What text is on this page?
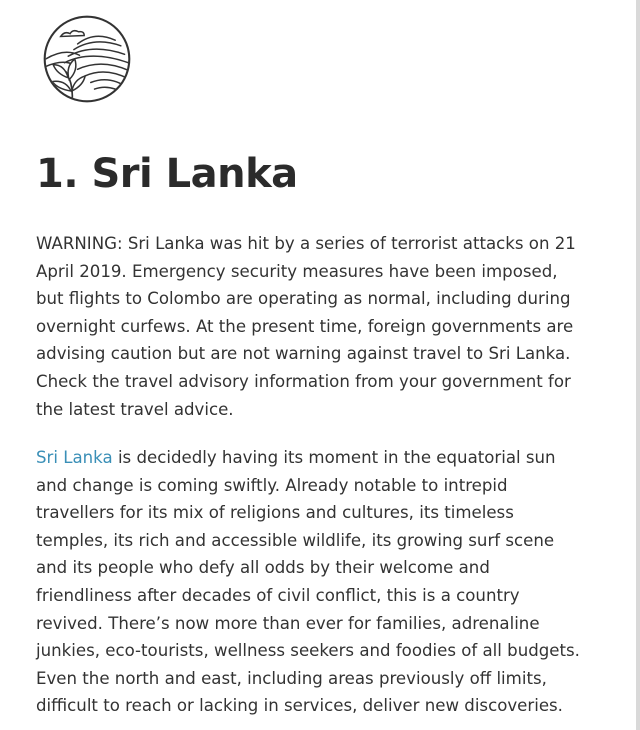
1. Sri Lanka

WARNING: Sri Lanka was hit by a series of terrorist attacks on 21
April 2019. Emergency security measures have been imposed,
but flights to Colombo are operating as normal, including during
overnight curfews. At the present time, foreign governments are
advising caution but are not warning against travel to Sri Lanka.
Check the travel advisory information from your government for
the latest travel advice.

Sri Lanka is decidedly having its moment in the equatorial sun
and change is coming swiftly. Already notable to intrepid
travellers for its mix of religions and cultures, its timeless
temples, its rich and accessible wildlife, its growing surf scene
and its people who defy all odds by their welcome and
friendliness after decades of civil conflict, this is a country
revived. There’s now more than ever for families, adrenaline
junkies, eco-tourists, wellness seekers and foodies of all budgets.
Even the north and east, including areas previously off limits,
difficult to reach or lacking in services, deliver new discoveries.
